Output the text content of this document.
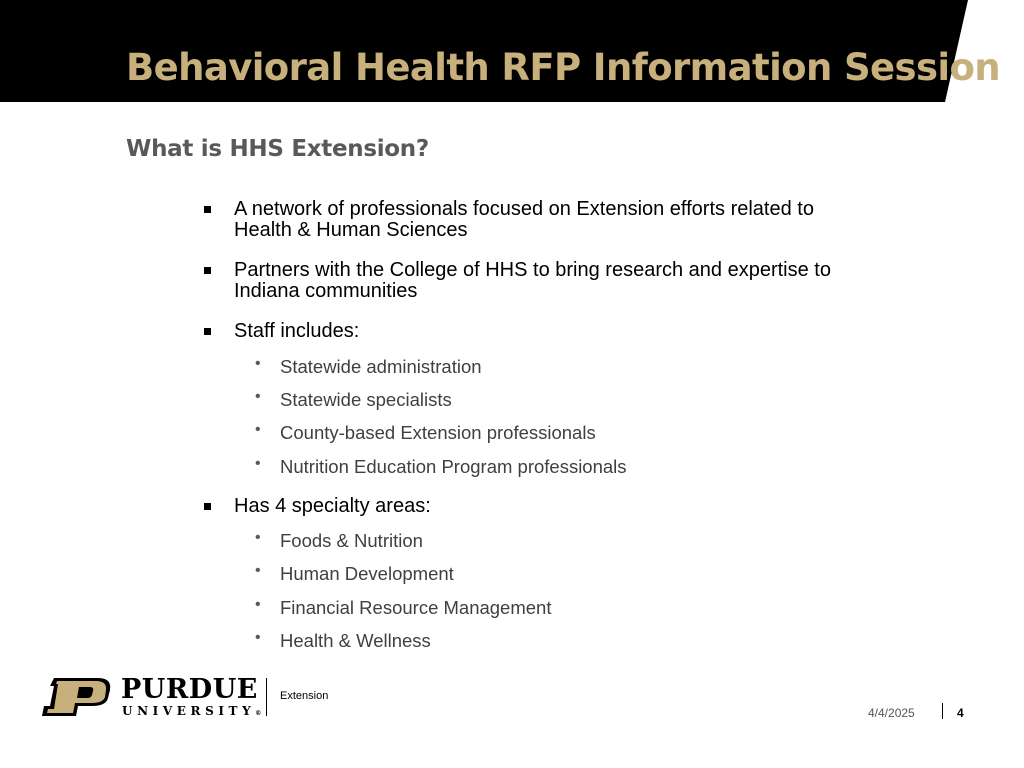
Behavioral Health RFP Information Session
What is HHS Extension?
A network of professionals focused on Extension efforts related to Health & Human Sciences
Partners with the College of HHS to bring research and expertise to Indiana communities
Staff includes:
• Statewide administration
• Statewide specialists
• County-based Extension professionals
• Nutrition Education Program professionals
Has 4 specialty areas:
• Foods & Nutrition
• Human Development
• Financial Resource Management
• Health & Wellness
PURDUE
UNIVERSITY®
Extension
4/4/2025	4
